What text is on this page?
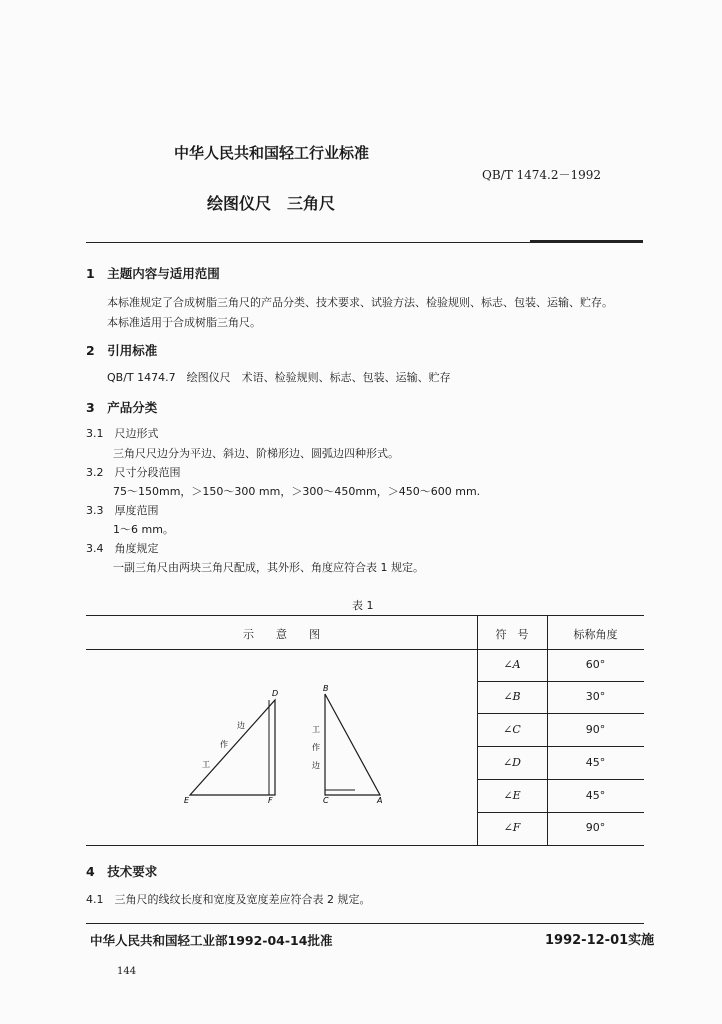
中华人民共和国轻工行业标准
QB/T 1474.2－1992
绘图仪尺　三角尺
1　主题内容与适用范围
本标准规定了合成树脂三角尺的产品分类、技术要求、试验方法、检验规则、标志、包装、运输、贮存。
本标准适用于合成树脂三角尺。
2　引用标准
QB/T 1474.7　绘图仪尺　术语、检验规则、标志、包装、运输、贮存
3　产品分类
3.1　尺边形式
三角尺尺边分为平边、斜边、阶梯形边、圆弧边四种形式。
3.2　尺寸分段范围
75～150mm，＞150～300 mm，＞300～450mm，＞450～600 mm.
3.3　厚度范围
1～6 mm。
3.4　角度规定
一副三角尺由两块三角尺配成，其外形、角度应符合表 1 规定。
表 1
示　　意　　图	符　号	标称角度
∠A	60°
∠B	30°
∠C	90°
∠D	45°
∠E	45°
∠F	90°
D
E	F
工
作
边
B
C	A
工
作
边
4　技术要求
4.1　三角尺的线纹长度和宽度及宽度差应符合表 2 规定。
中华人民共和国轻工业部1992-04-14批准	1992-12-01实施
144
